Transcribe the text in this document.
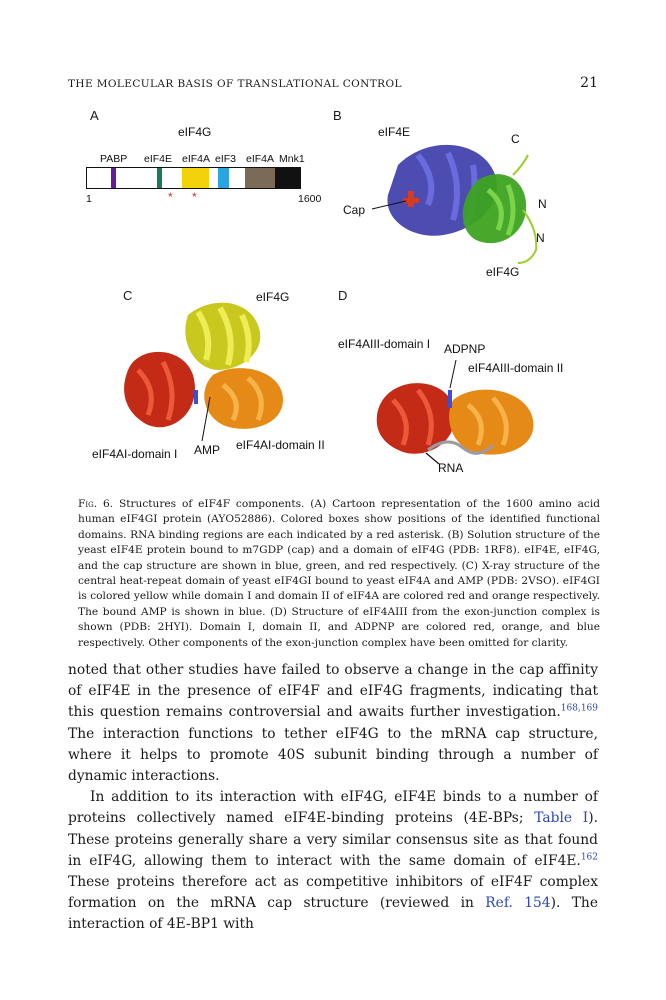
THE MOLECULAR BASIS OF TRANSLATIONAL CONTROL	21
A
eIF4G
PABP eIF4E eIF4A eIF3 eIF4A Mnk1
1	1600
* *
B
eIF4E	C
N
N
Cap
eIF4G
C	eIF4G
eIF4AI-domain I AMP eIF4AI-domain II
D
eIF4AIII-domain I ADPNP
eIF4AIII-domain II
RNA
Fig. 6. Structures of eIF4F components. (A) Cartoon representation of the 1600 amino acid human eIF4GI protein (AYO52886). Colored boxes show positions of the identified functional domains. RNA binding regions are each indicated by a red asterisk. (B) Solution structure of the yeast eIF4E protein bound to m7GDP (cap) and a domain of eIF4G (PDB: 1RF8). eIF4E, eIF4G, and the cap structure are shown in blue, green, and red respectively. (C) X-ray structure of the central heat-repeat domain of yeast eIF4GI bound to yeast eIF4A and AMP (PDB: 2VSO). eIF4GI is colored yellow while domain I and domain II of eIF4A are colored red and orange respectively. The bound AMP is shown in blue. (D) Structure of eIF4AIII from the exon-junction complex is shown (PDB: 2HYI). Domain I, domain II, and ADPNP are colored red, orange, and blue respectively. Other components of the exon-junction complex have been omitted for clarity.

noted that other studies have failed to observe a change in the cap affinity of eIF4E in the presence of eIF4F and eIF4G fragments, indicating that this question remains controversial and awaits further investigation.$^{168,169}$ The interaction functions to tether eIF4G to the mRNA cap structure, where it helps to promote 40S subunit binding through a number of dynamic interactions.

In addition to its interaction with eIF4G, eIF4E binds to a number of proteins collectively named eIF4E-binding proteins (4E-BPs; Table I). These proteins generally share a very similar consensus site as that found in eIF4G, allowing them to interact with the same domain of eIF4E.$^{162}$ These proteins therefore act as competitive inhibitors of eIF4F complex formation on the mRNA cap structure (reviewed in Ref. 154). The interaction of 4E-BP1 with
